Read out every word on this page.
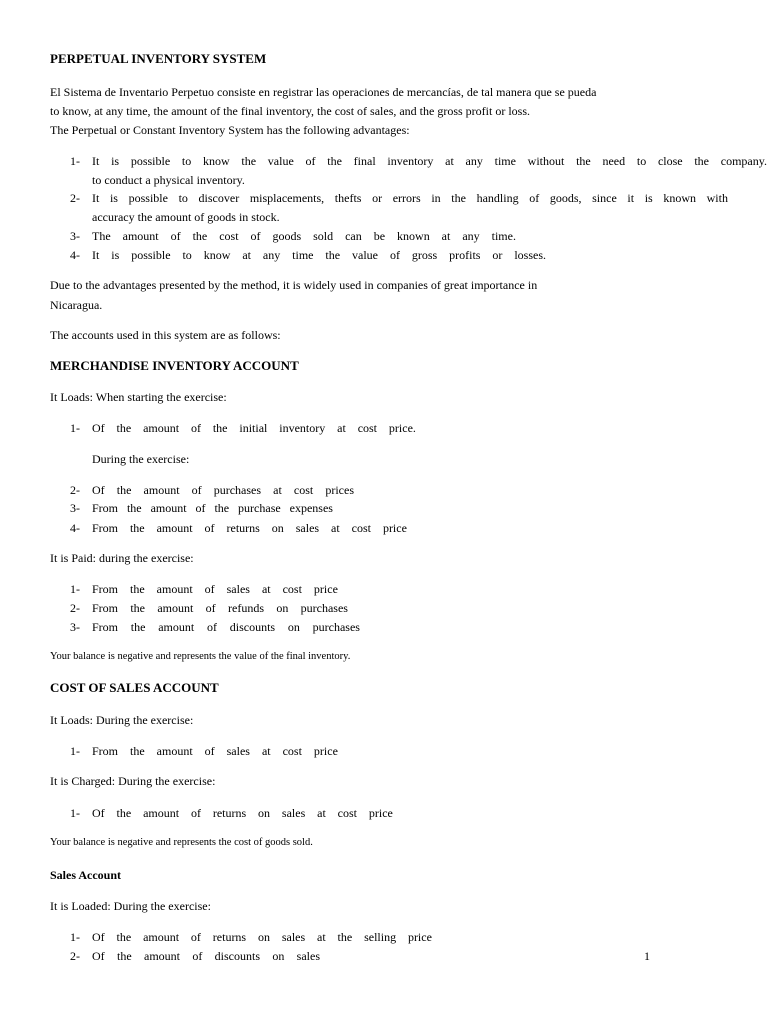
PERPETUAL INVENTORY SYSTEM
El Sistema de Inventario Perpetuo consiste en registrar las operaciones de mercancías, de tal manera que se pueda
to know, at any time, the amount of the final inventory, the cost of sales, and the gross profit or loss.
The Perpetual or Constant Inventory System has the following advantages:
1- It is possible to know the value of the final inventory at any time without the need to close the company.
to conduct a physical inventory.
2- It is possible to discover misplacements, thefts or errors in the handling of goods, since it is known with
accuracy the amount of goods in stock.
3- The amount of the cost of goods sold can be known at any time.
4- It is possible to know at any time the value of gross profits or losses.
Due to the advantages presented by the method, it is widely used in companies of great importance in
Nicaragua.
The accounts used in this system are as follows:
MERCHANDISE INVENTORY ACCOUNT
It Loads: When starting the exercise:
1- Of the amount of the initial inventory at cost price.
During the exercise:
2- Of the amount of purchases at cost prices
3- From the amount of the purchase expenses
4- From the amount of returns on sales at cost price
It is Paid: during the exercise:
1- From the amount of sales at cost price
2- From the amount of refunds on purchases
3- From the amount of discounts on purchases
Your balance is negative and represents the value of the final inventory.
COST OF SALES ACCOUNT
It Loads: During the exercise:
1- From the amount of sales at cost price
It is Charged: During the exercise:
1- Of the amount of returns on sales at cost price
Your balance is negative and represents the cost of goods sold.
Sales Account
It is Loaded: During the exercise:
1- Of the amount of returns on sales at the selling price
2- Of the amount of discounts on sales	1
